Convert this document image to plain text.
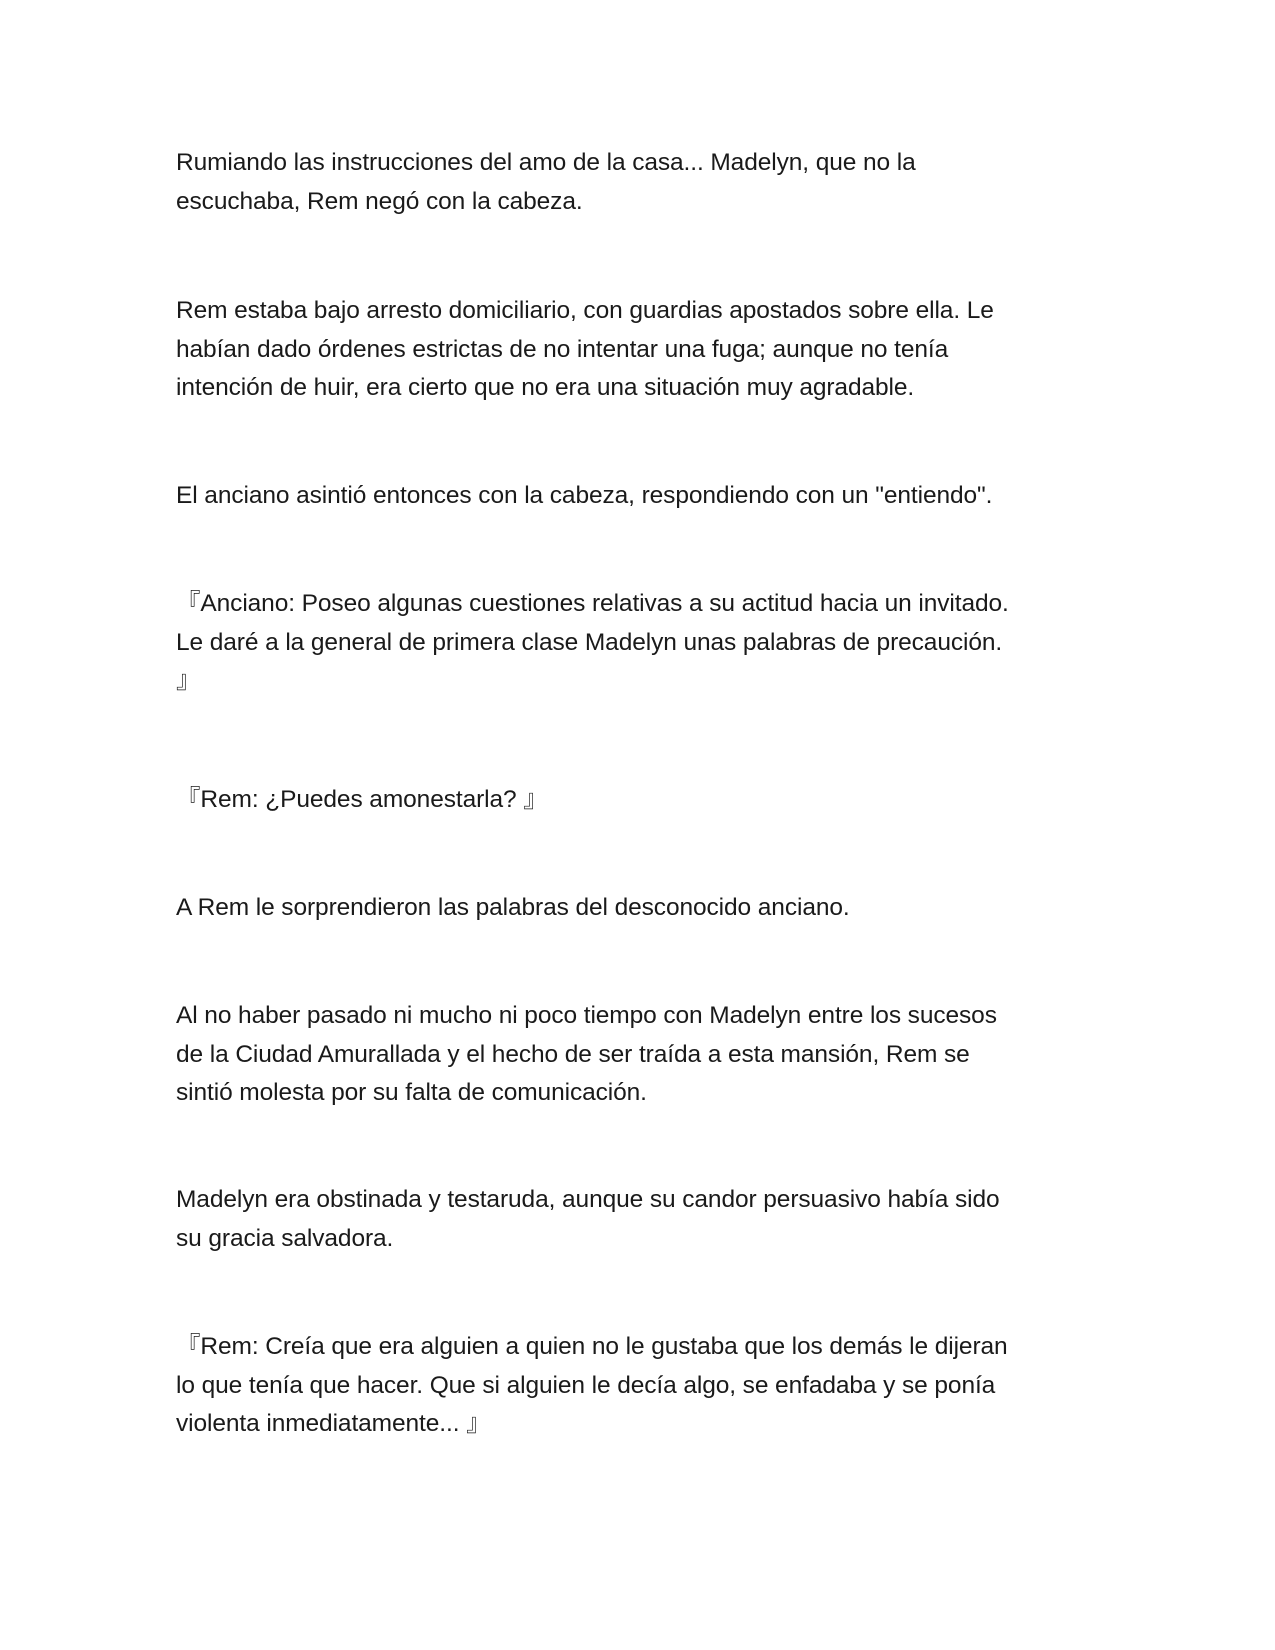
Rumiando las instrucciones del amo de la casa... Madelyn, que no la
escuchaba, Rem negó con la cabeza.

Rem estaba bajo arresto domiciliario, con guardias apostados sobre ella. Le
habían dado órdenes estrictas de no intentar una fuga; aunque no tenía
intención de huir, era cierto que no era una situación muy agradable.

El anciano asintió entonces con la cabeza, respondiendo con un "entiendo".

『Anciano: Poseo algunas cuestiones relativas a su actitud hacia un invitado.
Le daré a la general de primera clase Madelyn unas palabras de precaución.
』

『Rem: ¿Puedes amonestarla? 』

A Rem le sorprendieron las palabras del desconocido anciano.

Al no haber pasado ni mucho ni poco tiempo con Madelyn entre los sucesos
de la Ciudad Amurallada y el hecho de ser traída a esta mansión, Rem se
sintió molesta por su falta de comunicación.

Madelyn era obstinada y testaruda, aunque su candor persuasivo había sido
su gracia salvadora.

『Rem: Creía que era alguien a quien no le gustaba que los demás le dijeran
lo que tenía que hacer. Que si alguien le decía algo, se enfadaba y se ponía
violenta inmediatamente... 』
